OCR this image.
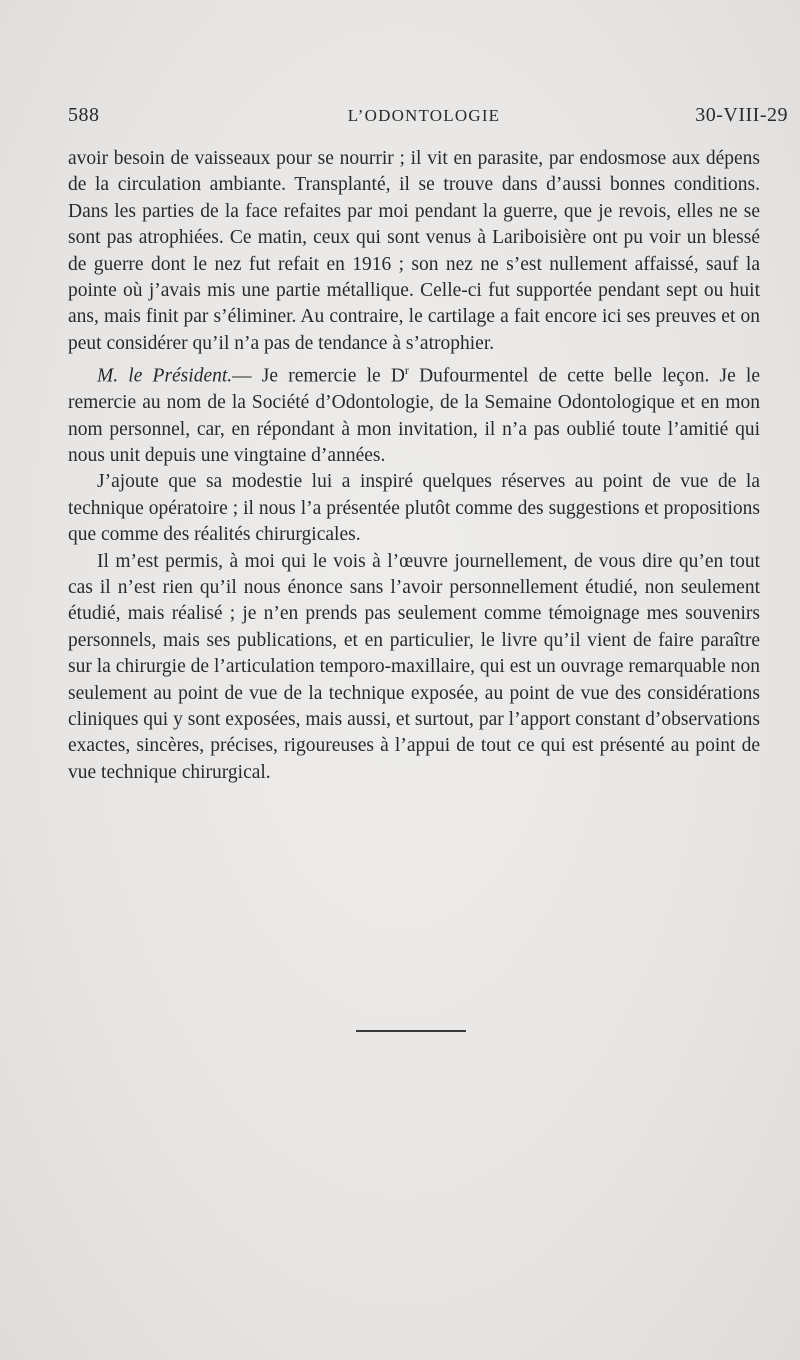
588	L’ODONTOLOGIE	30-VIII-29

avoir besoin de vaisseaux pour se nourrir ; il vit en parasite, par endosmose aux dépens de la circulation ambiante. Transplanté, il se trouve dans d’aussi bonnes conditions. Dans les parties de la face refaites par moi pendant la guerre, que je revois, elles ne se sont pas atrophiées. Ce matin, ceux qui sont venus à Lariboisière ont pu voir un blessé de guerre dont le nez fut refait en 1916 ; son nez ne s’est nullement affaissé, sauf la pointe où j’avais mis une partie métallique. Celle-ci fut supportée pendant sept ou huit ans, mais finit par s’éliminer. Au contraire, le cartilage a fait encore ici ses preuves et on peut considérer qu’il n’a pas de tendance à s’atrophier.

M. le Président.— Je remercie le $D^r$ Dufourmentel de cette belle leçon. Je le remercie au nom de la Société d’Odontologie, de la Semaine Odontologique et en mon nom personnel, car, en répondant à mon invitation, il n’a pas oublié toute l’amitié qui nous unit depuis une vingtaine d’années.

J’ajoute que sa modestie lui a inspiré quelques réserves au point de vue de la technique opératoire ; il nous l’a présentée plutôt comme des suggestions et propositions que comme des réalités chirurgicales.

Il m’est permis, à moi qui le vois à l’œuvre journellement, de vous dire qu’en tout cas il n’est rien qu’il nous énonce sans l’avoir personnellement étudié, non seulement étudié, mais réalisé ; je n’en prends pas seulement comme témoignage mes souvenirs personnels, mais ses publications, et en particulier, le livre qu’il vient de faire paraître sur la chirurgie de l’articulation temporo-maxillaire, qui est un ouvrage remarquable non seulement au point de vue de la technique exposée, au point de vue des considérations cliniques qui y sont exposées, mais aussi, et surtout, par l’apport constant d’observations exactes, sincères, précises, rigoureuses à l’appui de tout ce qui est présenté au point de vue technique chirurgical.
